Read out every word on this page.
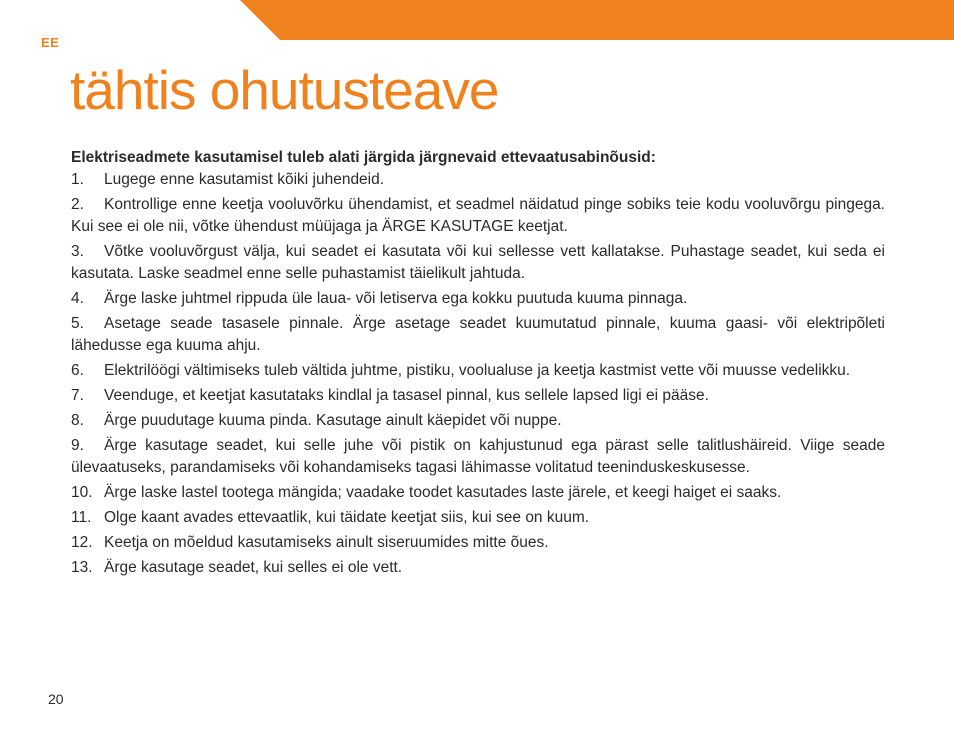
EE
tähtis ohutusteave

Elektriseadmete kasutamisel tuleb alati järgida järgnevaid ettevaatusabinõusid:

1. Lugege enne kasutamist kõiki juhendeid.
2. Kontrollige enne keetja vooluvõrku ühendamist, et seadmel näidatud pinge sobiks teie kodu vooluvõrgu pingega. Kui see ei ole nii, võtke ühendust müüjaga ja ÄRGE KASUTAGE keetjat.
3. Võtke vooluvõrgust välja, kui seadet ei kasutata või kui sellesse vett kallatakse. Puhastage seadet, kui seda ei kasutata. Laske seadmel enne selle puhastamist täielikult jahtuda.
4. Ärge laske juhtmel rippuda üle laua- või letiserva ega kokku puutuda kuuma pinnaga.
5. Asetage seade tasasele pinnale. Ärge asetage seadet kuumutatud pinnale, kuuma gaasi- või elektripõleti lähedusse ega kuuma ahju.
6. Elektrilöögi vältimiseks tuleb vältida juhtme, pistiku, voolualuse ja keetja kastmist vette või muusse vedelikku.
7. Veenduge, et keetjat kasutataks kindlal ja tasasel pinnal, kus sellele lapsed ligi ei pääse.
8. Ärge puudutage kuuma pinda. Kasutage ainult käepidet või nuppe.
9. Ärge kasutage seadet, kui selle juhe või pistik on kahjustunud ega pärast selle talitlushäireid. Viige seade ülevaatuseks, parandamiseks või kohandamiseks tagasi lähimasse volitatud teeninduskeskusesse.
10. Ärge laske lastel tootega mängida; vaadake toodet kasutades laste järele, et keegi haiget ei saaks.
11. Olge kaant avades ettevaatlik, kui täidate keetjat siis, kui see on kuum.
12. Keetja on mõeldud kasutamiseks ainult siseruumides mitte õues.
13. Ärge kasutage seadet, kui selles ei ole vett.
20
